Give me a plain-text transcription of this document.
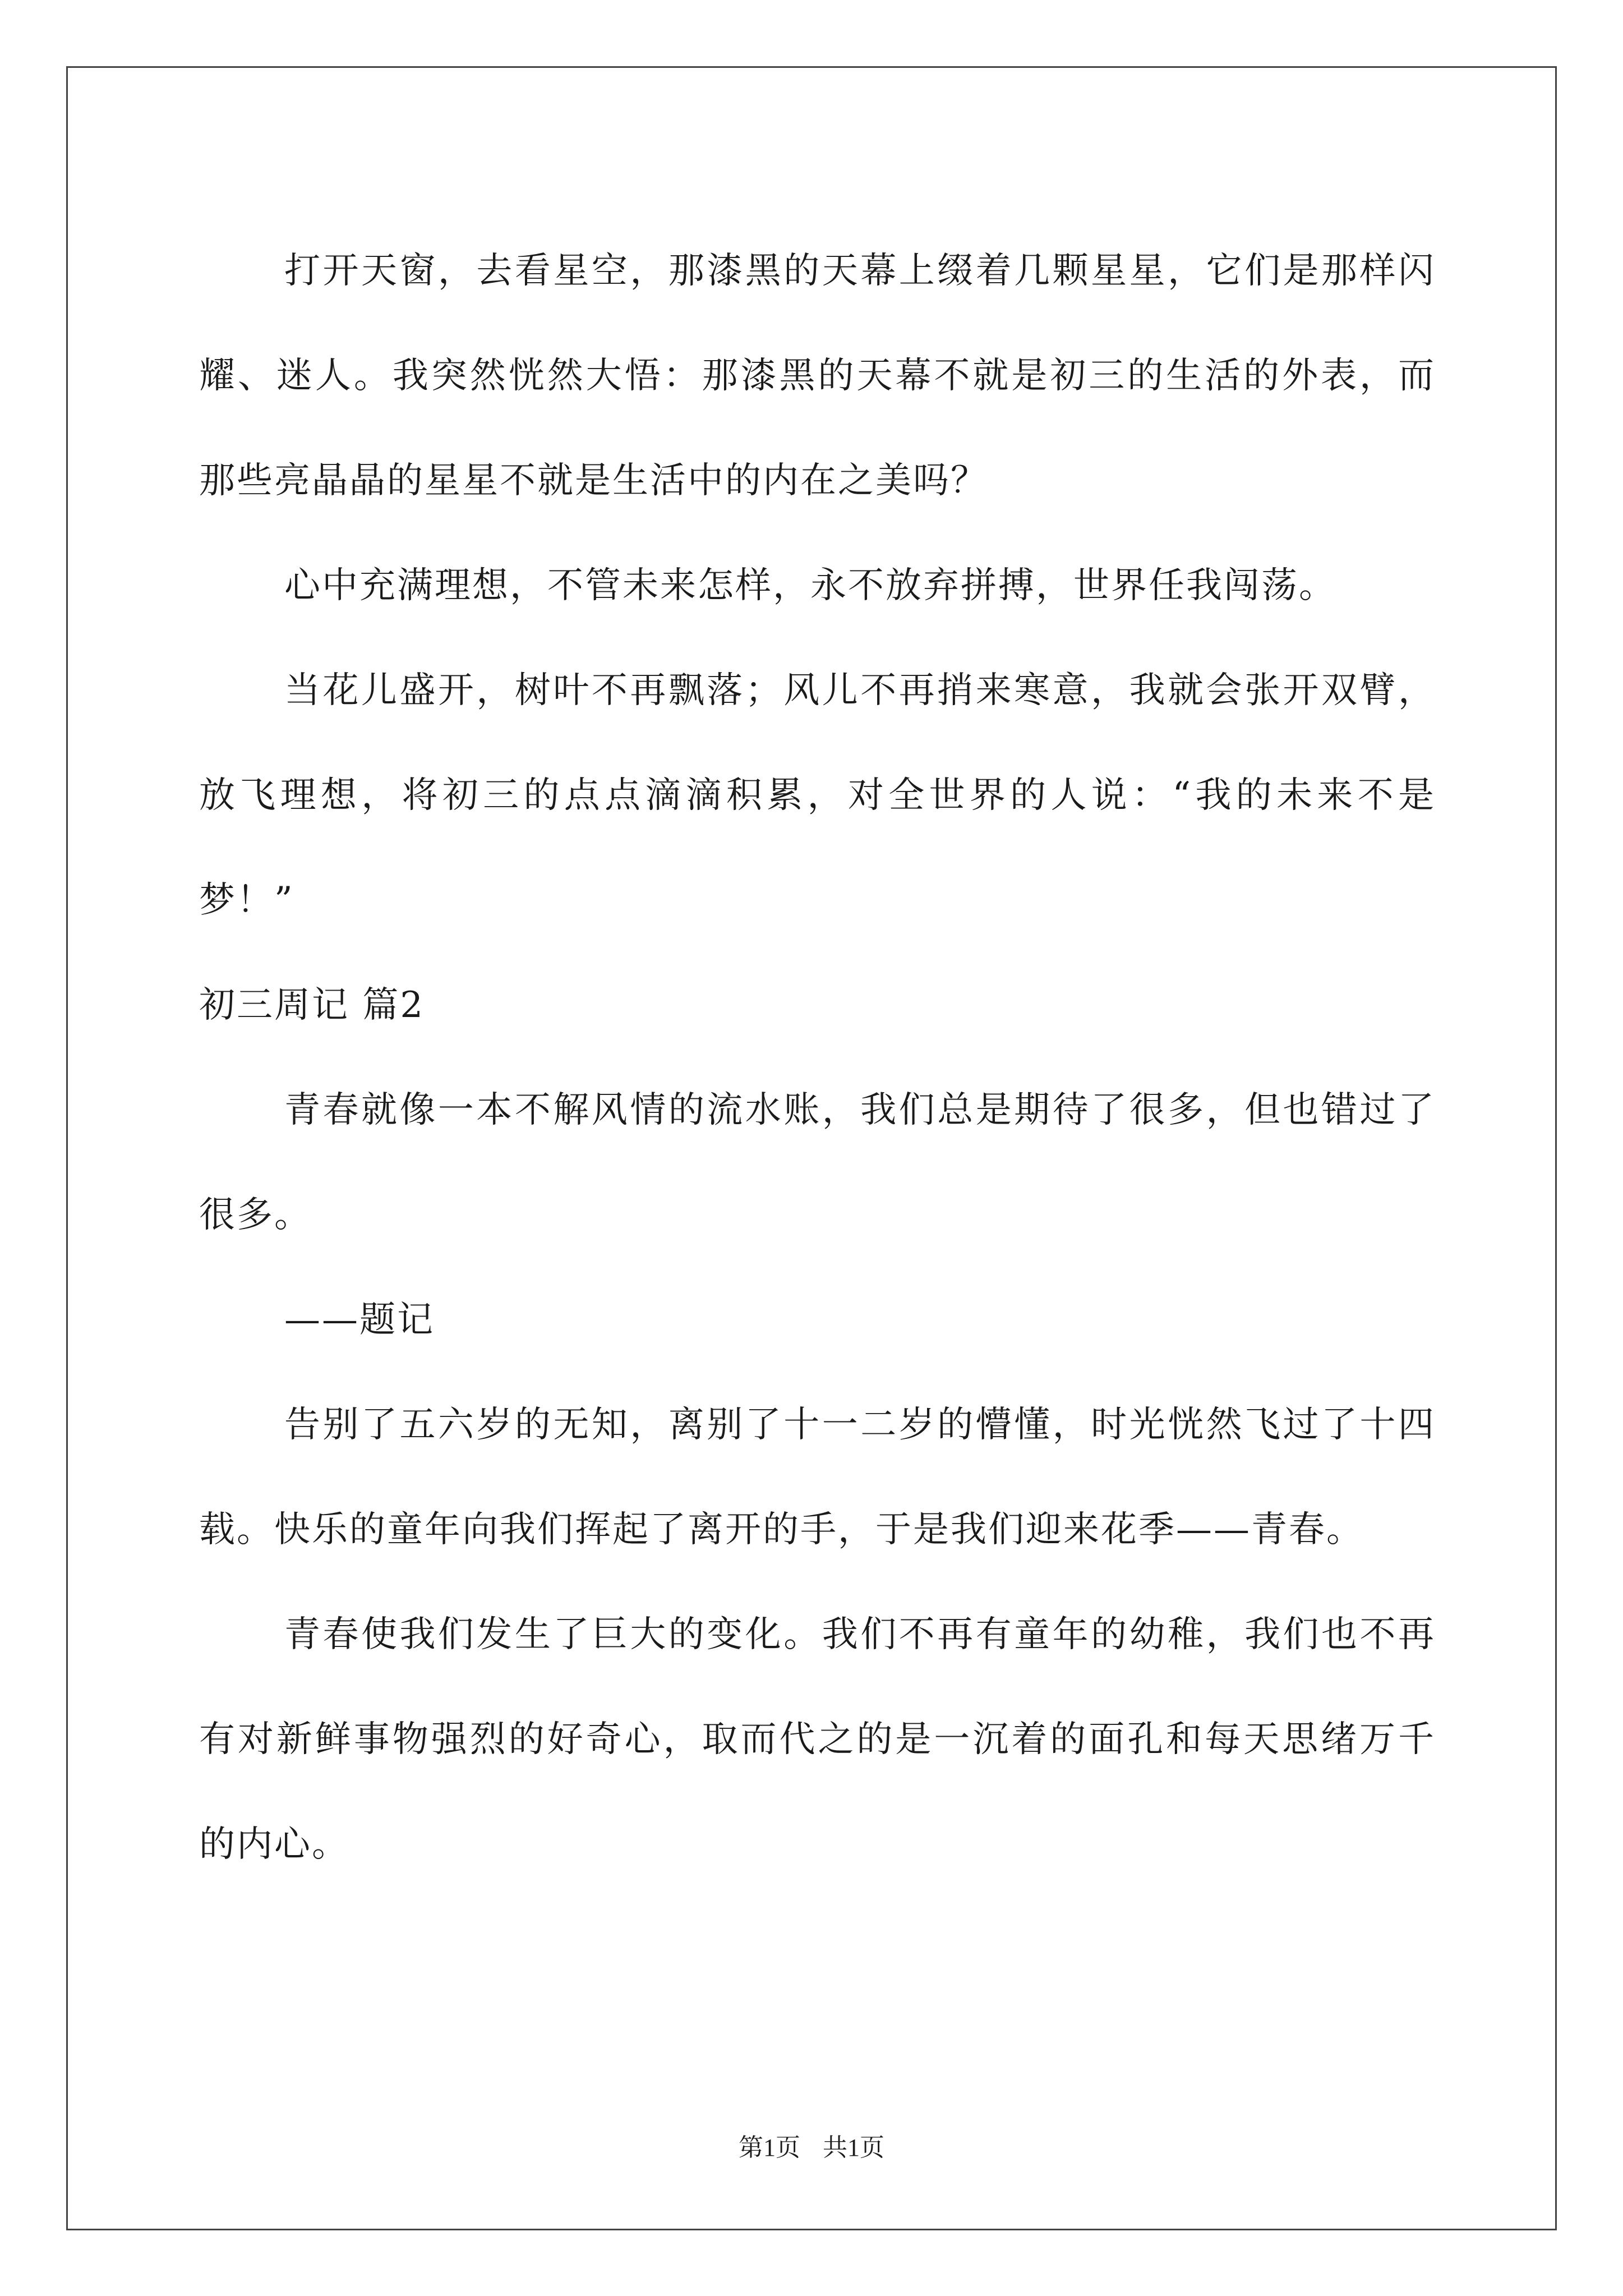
打开天窗，去看星空，那漆黑的天幕上缀着几颗星星，它们是那样闪耀、迷人。我突然恍然大悟：那漆黑的天幕不就是初三的生活的外表，而那些亮晶晶的星星不就是生活中的内在之美吗？

心中充满理想，不管未来怎样，永不放弃拼搏，世界任我闯荡。

当花儿盛开，树叶不再飘落；风儿不再捎来寒意，我就会张开双臂，放飞理想，将初三的点点滴滴积累，对全世界的人说：“我的未来不是梦！”

初三周记 篇2

青春就像一本不解风情的流水账，我们总是期待了很多，但也错过了很多。

——题记

告别了五六岁的无知，离别了十一二岁的懵懂，时光恍然飞过了十四载。快乐的童年向我们挥起了离开的手，于是我们迎来花季——青春。

青春使我们发生了巨大的变化。我们不再有童年的幼稚，我们也不再有对新鲜事物强烈的好奇心，取而代之的是一沉着的面孔和每天思绪万千的内心。

第1页 共1页
